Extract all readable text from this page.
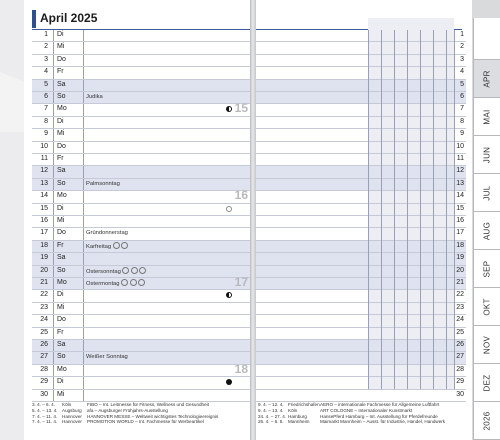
April 2025
1 Di
2 Mi
3 Do
4 Fr
5 Sa
6 So	Judika
7 Mo	15
8 Di
9 Mi
10 Do
11 Fr
12 Sa
13 So	Palmsonntag
14 Mo	16
15 Di
16 Mi
17 Do	Gründonnerstag
18 Fr	Karfreitag
19 Sa
20 So	Ostersonntag
21 Mo	Ostermontag	17
22 Di
23 Mi
24 Do
25 Fr
26 Sa
27 So	Weißer Sonntag
28 Mo	18
29 Di
30 Mi
3. 4. – 6. 4.	Köln	FIBO – Int. Leitmesse für Fitness, Wellness und Gesundheit
5. 4. – 13. 4. Augsburg	afa – Augsburger Frühjahrs-Ausstellung
7. 4. – 11. 4.	Hannover	HANNOVER MESSE – Weltweit wichtigstes Technologieereignis
7. 4. – 11. 4.	Hannover	PROMOTION WORLD – Int. Fachmesse für Werbeartikel
1
2
3
4
5
6
7
8
9
10
11
12
13
14
15
16
17
18
19
20
21
22
23
24
25
26
27
28
29
30
9. 4. – 12. 4. Friedrichshafen AERO – internationale Fachmesse für Allgemeine Luftfahrt
9. 4. – 13. 4. Köln	ART COLOGNE – Internationaler Kunstmarkt
24. 4. – 27. 4. Hamburg	HansePferd Hamburg – Int. Ausstellung für Pferdefreunde
26. 4. – 6. 5. Mannheim	Maimarkt Mannheim – Ausst. für Industrie, Handel, Handwerk
APR
MAI
JUN
JUL
AUG
SEP
OKT
NOV
DEZ
2026
